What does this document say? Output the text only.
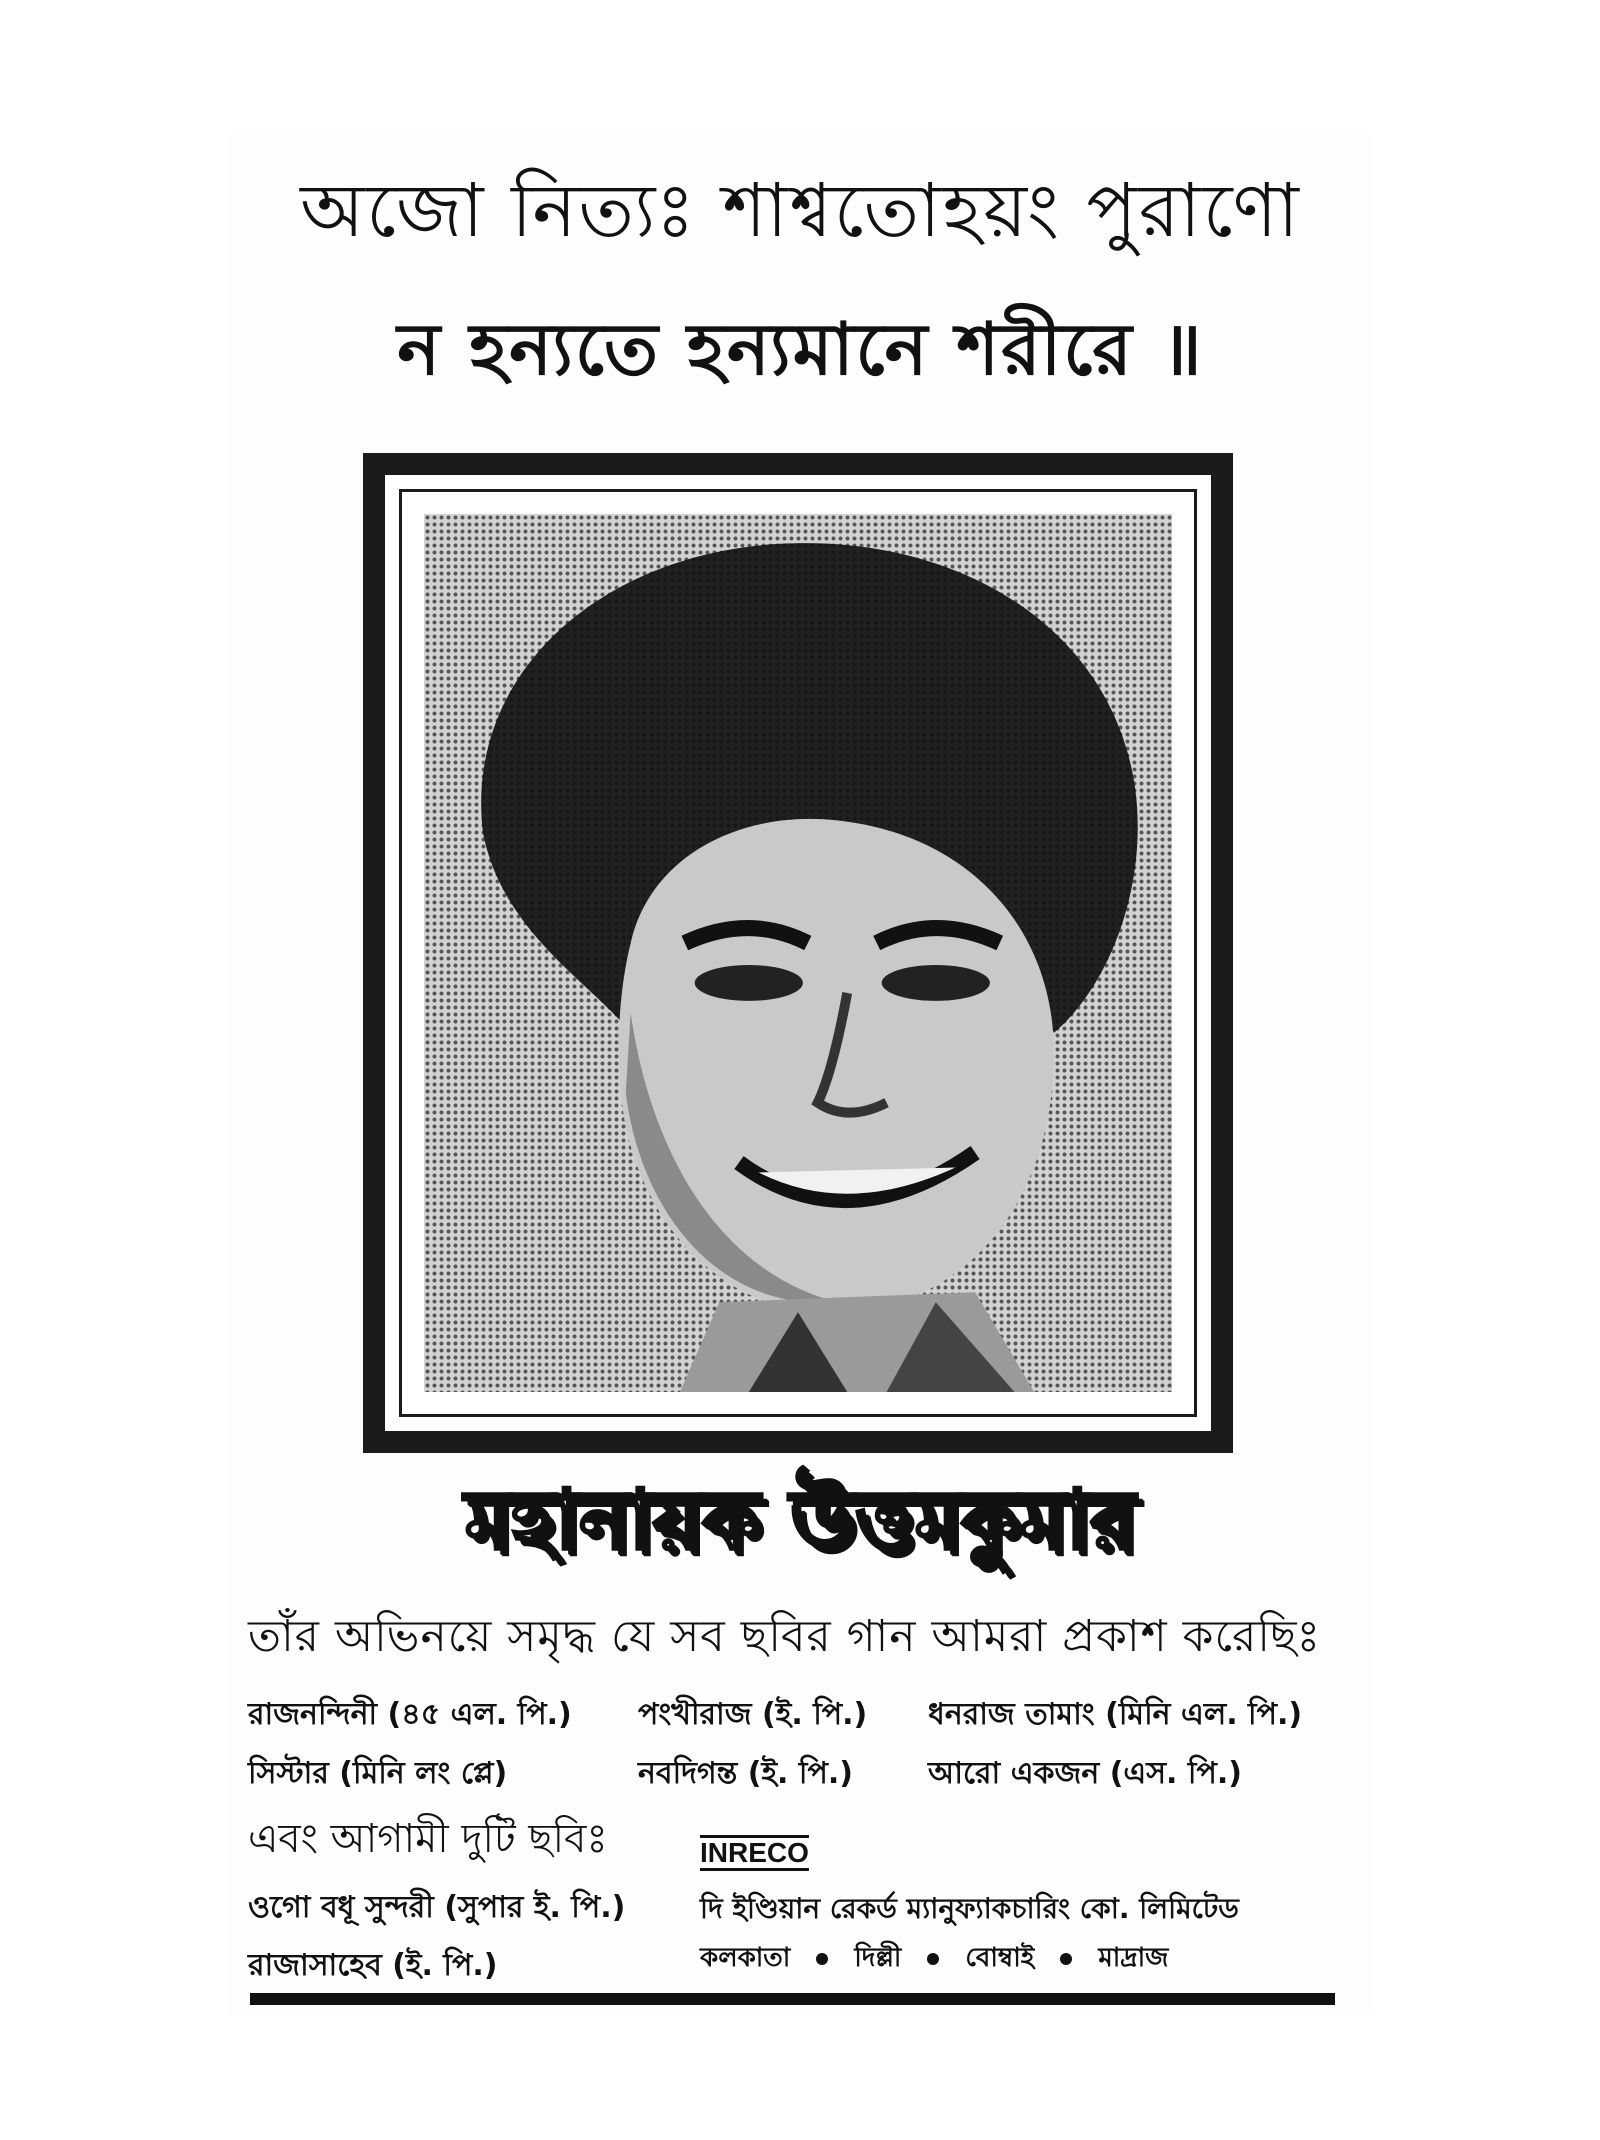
অজো নিত্যঃ শাশ্বতোহয়ং পুরাণো
ন হন্যতে হন্যমানে শরীরে ॥
মহানায়ক উত্তমকুমার
তাঁর অভিনয়ে সমৃদ্ধ যে সব ছবির গান আমরা প্রকাশ করেছিঃ
রাজনন্দিনী (৪৫ এল. পি.) পংখীরাজ (ই. পি.) ধনরাজ তামাং (মিনি এল. পি.)
সিস্টার (মিনি লং প্লে)	নবদিগন্ত (ই. পি.)	আরো একজন (এস. পি.)
এবং আগামী দুটি ছবিঃ
ওগো বধূ সুন্দরী (সুপার ই. পি.)
রাজাসাহেব (ই. পি.)
INRECO
দি ইণ্ডিয়ান রেকর্ড ম্যানুফ্যাকচারিং কো. লিমিটেড
কলকাতা দিল্লী বোম্বাই মাদ্রাজ
